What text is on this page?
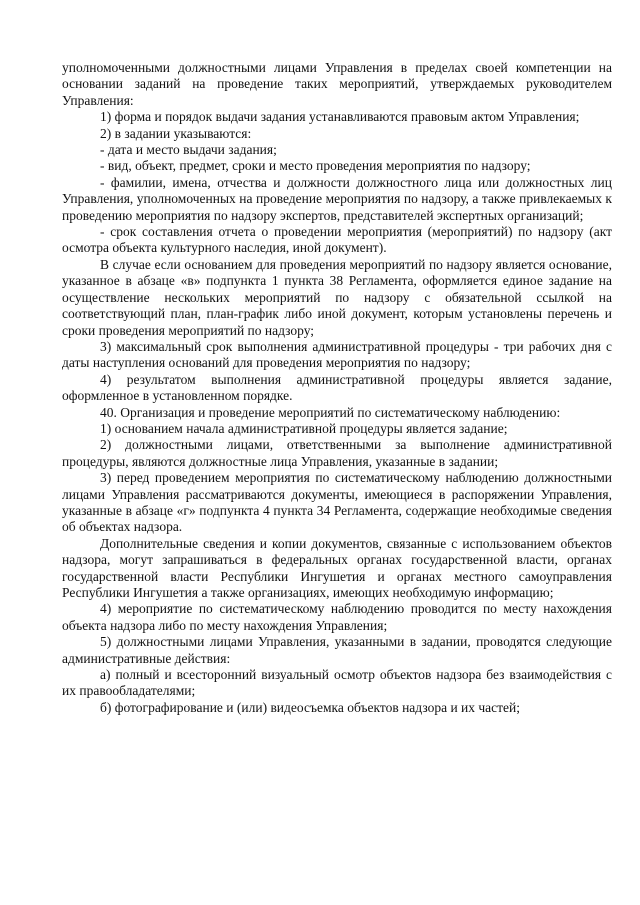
уполномоченными должностными лицами Управления в пределах своей компетенции на основании заданий на проведение таких мероприятий, утверждаемых руководителем Управления:

1) форма и порядок выдачи задания устанавливаются правовым актом Управления;

2) в задании указываются:

- дата и место выдачи задания;

- вид, объект, предмет, сроки и место проведения мероприятия по надзору;

- фамилии, имена, отчества и должности должностного лица или должностных лиц Управления, уполномоченных на проведение мероприятия по надзору, а также привлекаемых к проведению мероприятия по надзору экспертов, представителей экспертных организаций;

- срок составления отчета о проведении мероприятия (мероприятий) по надзору (акт осмотра объекта культурного наследия, иной документ).

В случае если основанием для проведения мероприятий по надзору является основание, указанное в абзаце «в» подпункта 1 пункта 38 Регламента, оформляется единое задание на осуществление нескольких мероприятий по надзору с обязательной ссылкой на соответствующий план, план-график либо иной документ, которым установлены перечень и сроки проведения мероприятий по надзору;

3) максимальный срок выполнения административной процедуры - три рабочих дня с даты наступления оснований для проведения мероприятия по надзору;

4) результатом выполнения административной процедуры является задание, оформленное в установленном порядке.

40. Организация и проведение мероприятий по систематическому наблюдению:

1) основанием начала административной процедуры является задание;

2) должностными лицами, ответственными за выполнение административной процедуры, являются должностные лица Управления, указанные в задании;

3) перед проведением мероприятия по систематическому наблюдению должностными лицами Управления рассматриваются документы, имеющиеся в распоряжении Управления, указанные в абзаце «г» подпункта 4 пункта 34 Регламента, содержащие необходимые сведения об объектах надзора.

Дополнительные сведения и копии документов, связанные с использованием объектов надзора, могут запрашиваться в федеральных органах государственной власти, органах государственной власти Республики Ингушетия и органах местного самоуправления Республики Ингушетия а также организациях, имеющих необходимую информацию;

4) мероприятие по систематическому наблюдению проводится по месту нахождения объекта надзора либо по месту нахождения Управления;

5) должностными лицами Управления, указанными в задании, проводятся следующие административные действия:

а) полный и всесторонний визуальный осмотр объектов надзора без взаимодействия с их правообладателями;

б) фотографирование и (или) видеосъемка объектов надзора и их частей;
